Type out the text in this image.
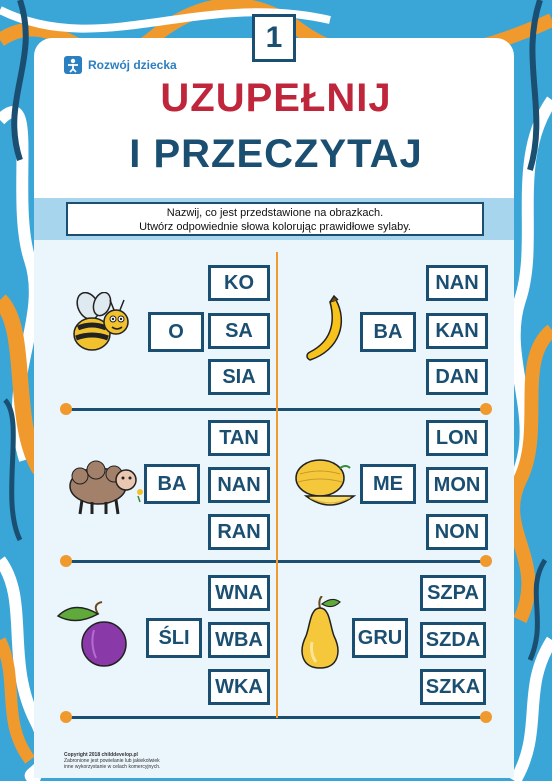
1
Rozwój dziecka
UZUPEŁNIJ
I PRZECZYTAJ
Nazwij, co jest przedstawione na obrazkach.
Utwórz odpowiednie słowa kolorując prawidłowe sylaby.
O
KO
SA
SIA
BA
NAN
KAN
DAN
BA
TAN
NAN
RAN
ME
LON
MON
NON
ŚLI
WNA
WBA
WKA
GRU
SZPA
SZDA
SZKA
Copyright 2018 childdevelop.pl
Zabronione jest powielanie lub jakiekolwiek
inne wykorzystanie w celach komercyjnych.
